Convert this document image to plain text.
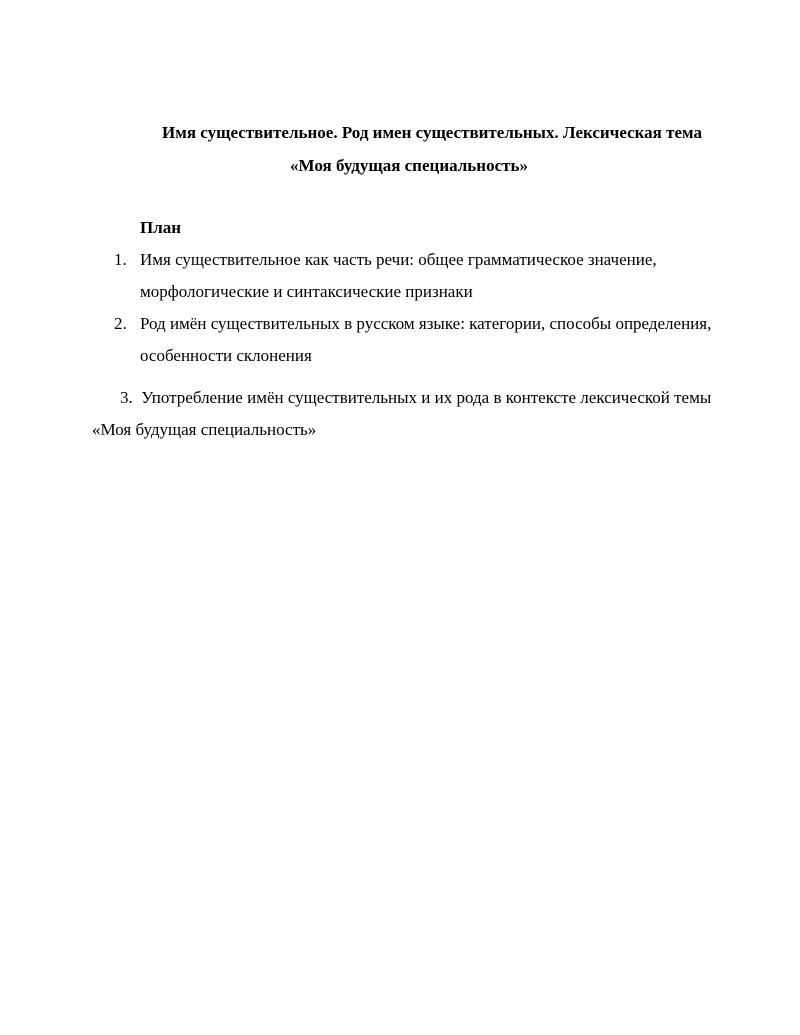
Имя существительное. Род имен существительных. Лексическая тема
«Моя будущая специальность»
План
1. Имя существительное как часть речи: общее грамматическое значение, морфологические и синтаксические признаки
2. Род имён существительных в русском языке: категории, способы определения, особенности склонения
3. Употребление имён существительных и их рода в контексте лексической темы «Моя будущая специальность»
